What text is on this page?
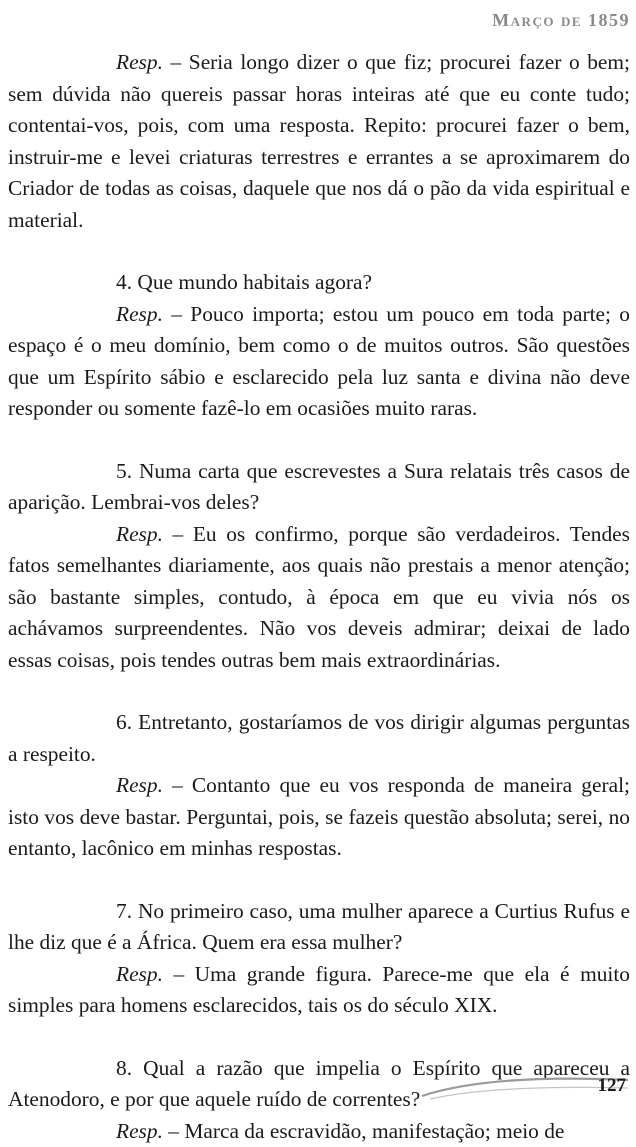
Março de 1859

Resp. – Seria longo dizer o que fiz; procurei fazer o bem; sem dúvida não quereis passar horas inteiras até que eu conte tudo; contentai-vos, pois, com uma resposta. Repito: procurei fazer o bem, instruir-me e levei criaturas terrestres e errantes a se aproximarem do Criador de todas as coisas, daquele que nos dá o pão da vida espiritual e material.

4. Que mundo habitais agora?

Resp. – Pouco importa; estou um pouco em toda parte; o espaço é o meu domínio, bem como o de muitos outros. São questões que um Espírito sábio e esclarecido pela luz santa e divina não deve responder ou somente fazê-lo em ocasiões muito raras.

5. Numa carta que escrevestes a Sura relatais três casos de aparição. Lembrai-vos deles?

Resp. – Eu os confirmo, porque são verdadeiros. Tendes fatos semelhantes diariamente, aos quais não prestais a menor atenção; são bastante simples, contudo, à época em que eu vivia nós os achávamos surpreendentes. Não vos deveis admirar; deixai de lado essas coisas, pois tendes outras bem mais extraordinárias.

6. Entretanto, gostaríamos de vos dirigir algumas perguntas a respeito.

Resp. – Contanto que eu vos responda de maneira geral; isto vos deve bastar. Perguntai, pois, se fazeis questão absoluta; serei, no entanto, lacônico em minhas respostas.

7. No primeiro caso, uma mulher aparece a Curtius Rufus e lhe diz que é a África. Quem era essa mulher?

Resp. – Uma grande figura. Parece-me que ela é muito simples para homens esclarecidos, tais os do século XIX.

8. Qual a razão que impelia o Espírito que apareceu a Atenodoro, e por que aquele ruído de correntes?

Resp. – Marca da escravidão, manifestação; meio de

127
